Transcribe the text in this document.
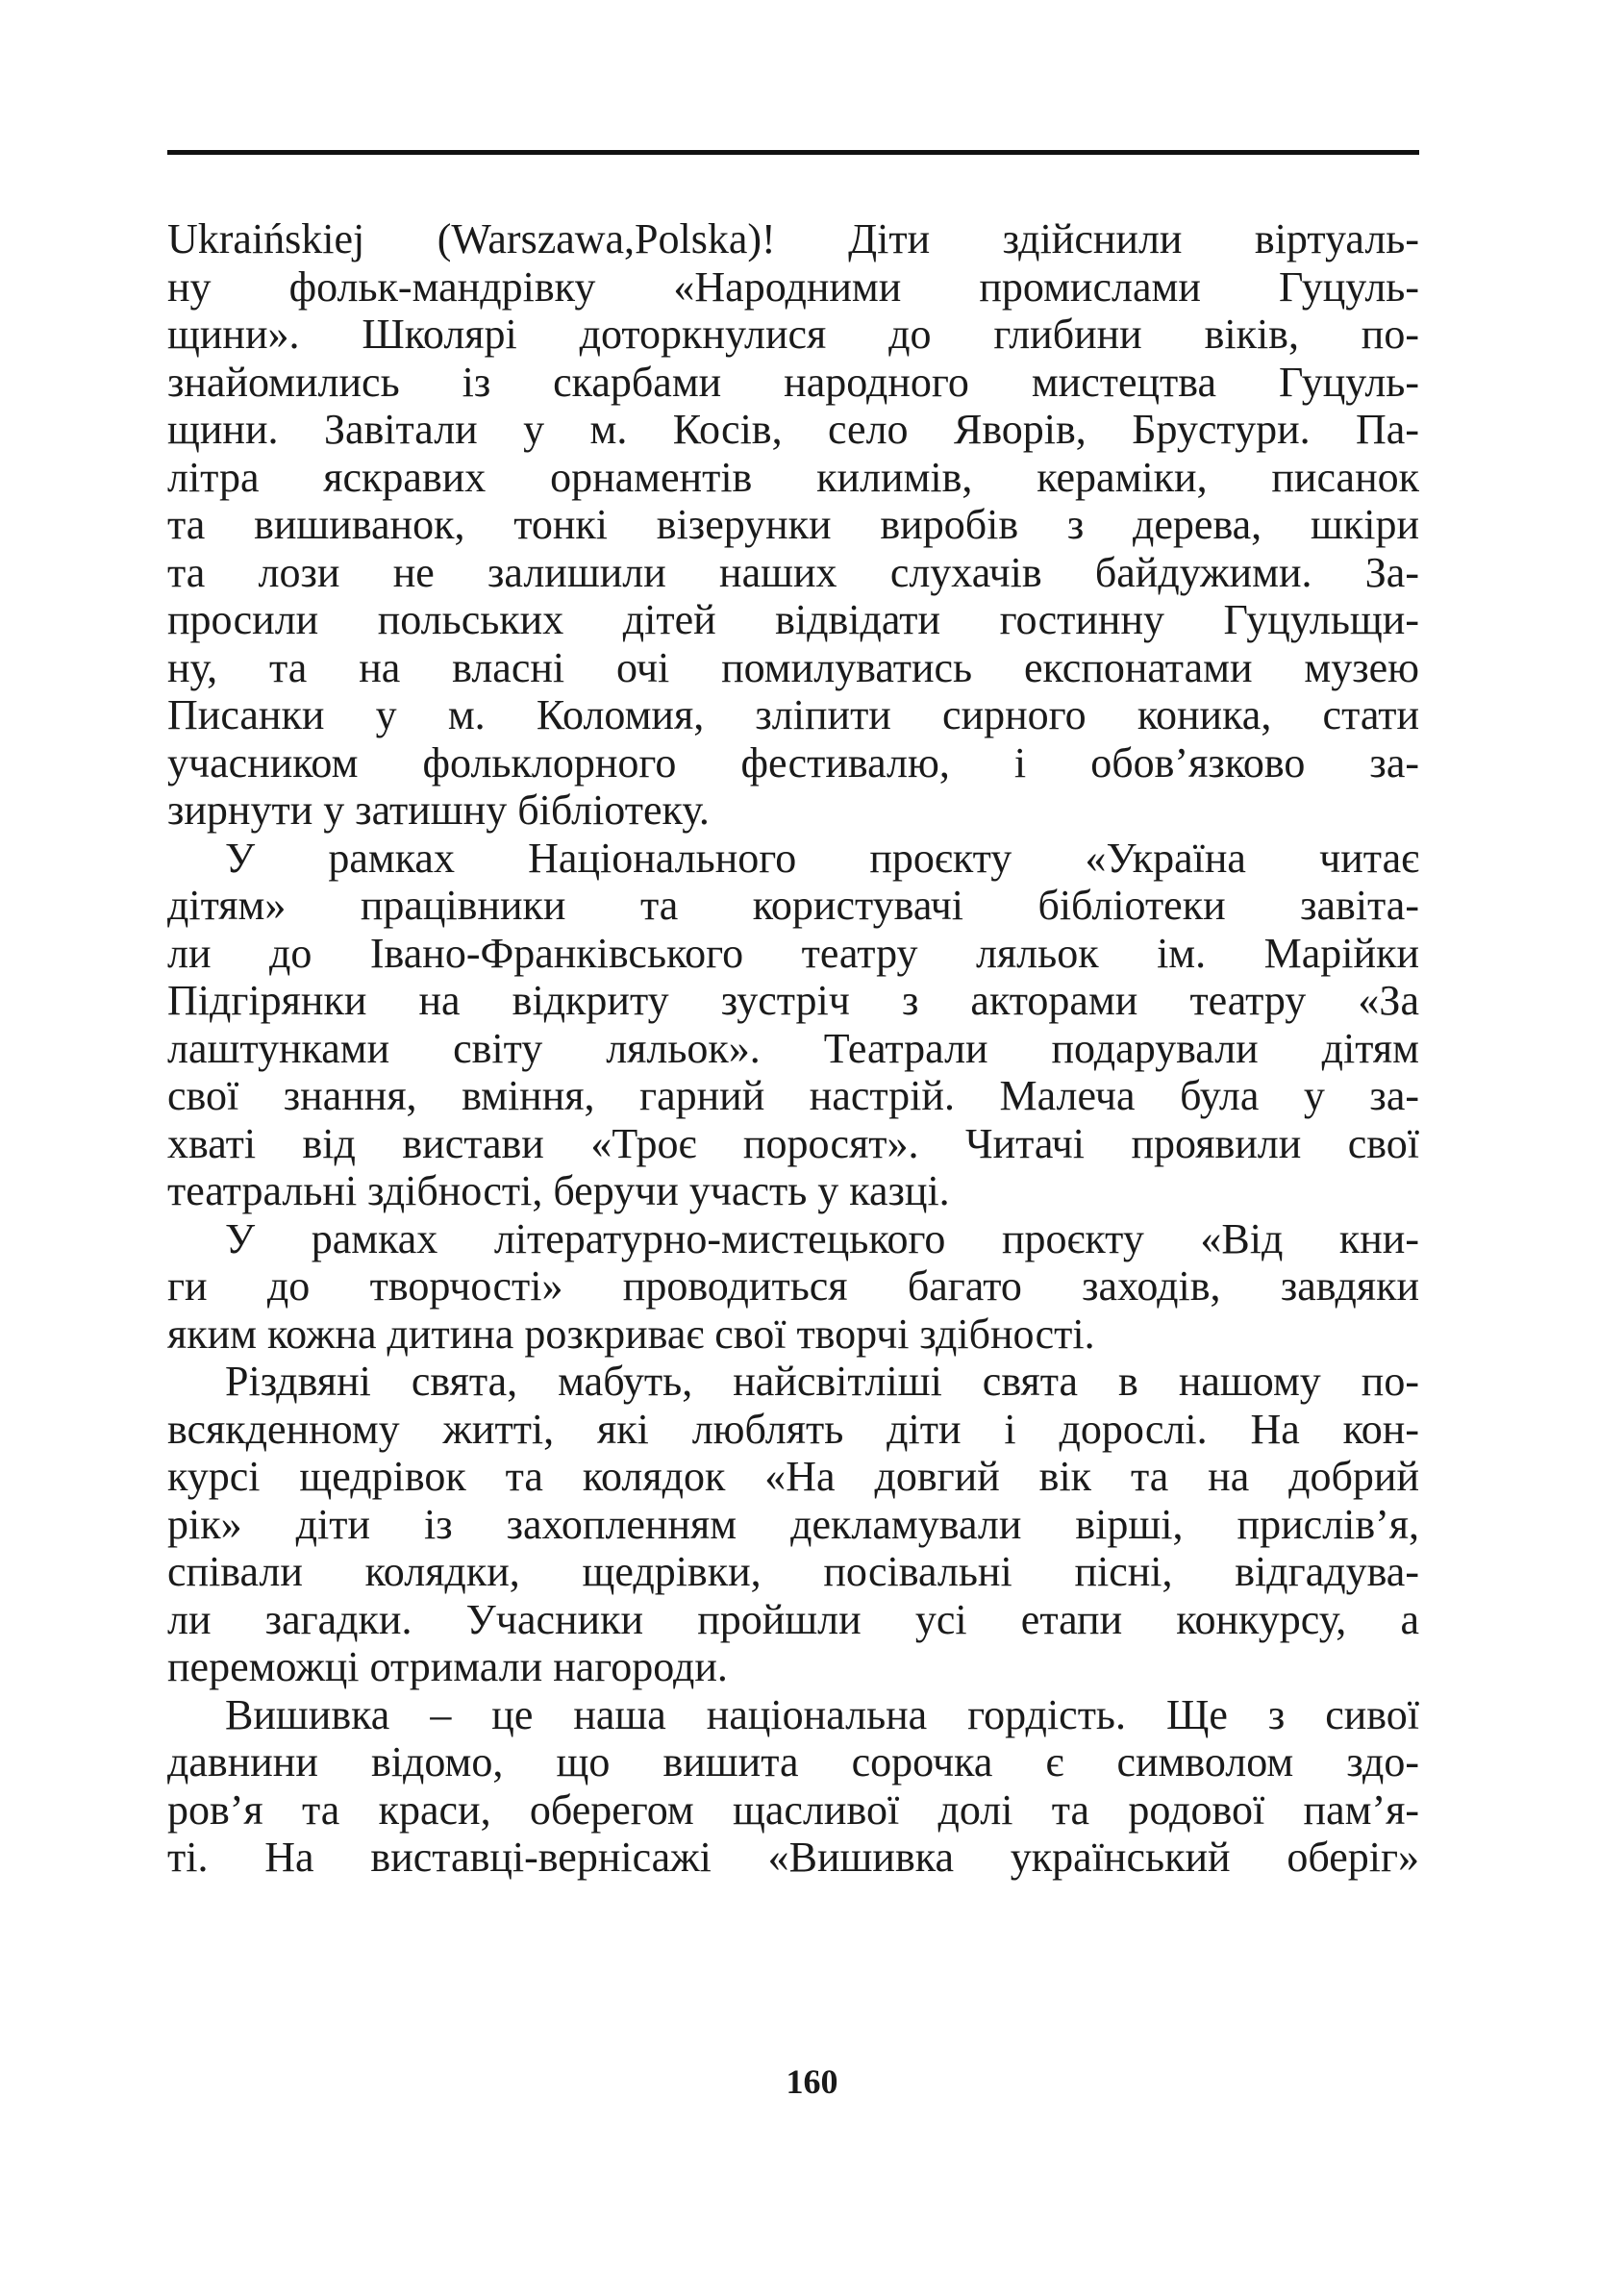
Ukraińskiej (Warszawa,Polska)! Діти здійснили віртуаль-
ну фольк-мандрівку «Народними промислами Гуцуль-
щини». Школярі доторкнулися до глибини віків, по-
знайомились із скарбами народного мистецтва Гуцуль-
щини. Завітали у м. Косів, село Яворів, Брустури. Па-
літра яскравих орнаментів килимів, кераміки, писанок
та вишиванок, тонкі візерунки виробів з дерева, шкіри
та лози не залишили наших слухачів байдужими. За-
просили польських дітей відвідати гостинну Гуцульщи-
ну, та на власні очі помилуватись експонатами музею
Писанки у м. Коломия, зліпити сирного коника, стати
учасником фольклорного фестивалю, і обов’язково за-
зирнути у затишну бібліотеку.
У рамках Національного проєкту «Україна читає
дітям» працівники та користувачі бібліотеки завіта-
ли до Івано-Франківського театру ляльок ім. Марійки
Підгірянки на відкриту зустріч з акторами театру «За
лаштунками світу ляльок». Театрали подарували дітям
свої знання, вміння, гарний настрій. Малеча була у за-
хваті від вистави «Троє поросят». Читачі проявили свої
театральні здібності, беручи участь у казці.
У рамках літературно-мистецького проєкту «Від кни-
ги до творчості» проводиться багато заходів, завдяки
яким кожна дитина розкриває свої творчі здібності.
Різдвяні свята, мабуть, найсвітліші свята в нашому по-
всякденному житті, які люблять діти і дорослі. На кон-
курсі щедрівок та колядок «На довгий вік та на добрий
рік» діти із захопленням декламували вірші, прислів’я,
співали колядки, щедрівки, посівальні пісні, відгадува-
ли загадки. Учасники пройшли усі етапи конкурсу, а
переможці отримали нагороди.
Вишивка – це наша національна гордість. Ще з сивої
давнини відомо, що вишита сорочка є символом здо-
ров’я та краси, оберегом щасливої долі та родової пам’я-
ті. На виставці-вернісажі «Вишивка український оберіг»
160
